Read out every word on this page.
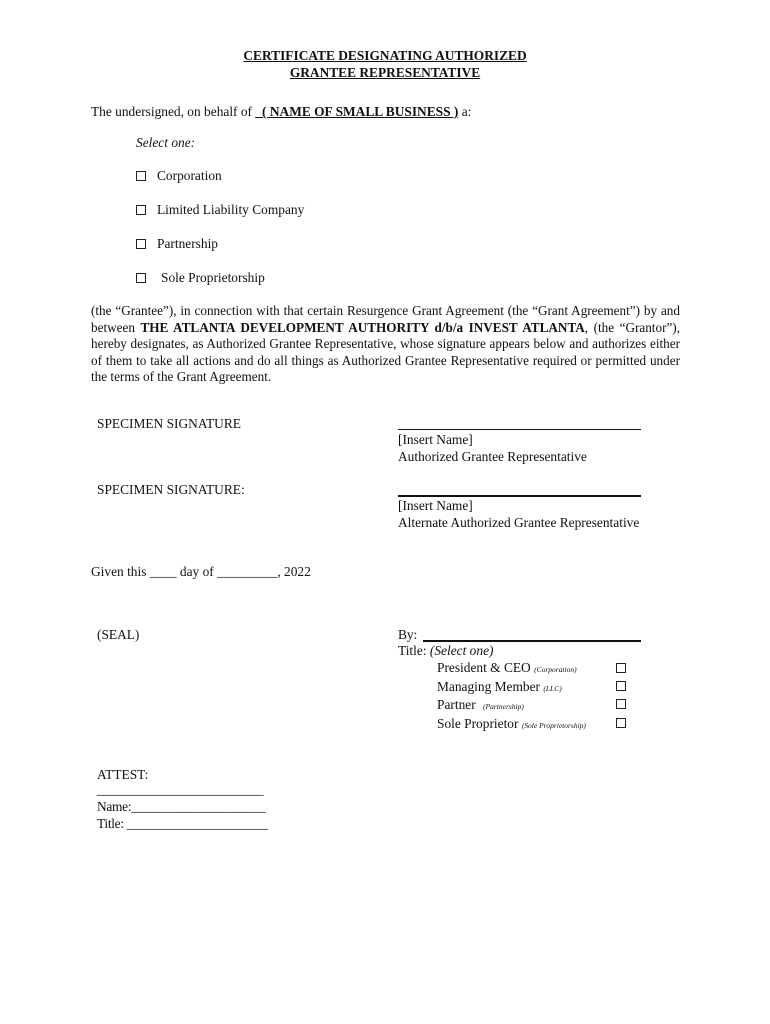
CERTIFICATE DESIGNATING AUTHORIZED
GRANTEE REPRESENTATIVE
The undersigned, on behalf of _( NAME OF SMALL BUSINESS ) a:
Select one:
Corporation
Limited Liability Company
Partnership
Sole Proprietorship
(the “Grantee”), in connection with that certain Resurgence Grant Agreement (the “Grant Agreement”) by and between THE ATLANTA DEVELOPMENT AUTHORITY d/b/a INVEST ATLANTA, (the “Grantor”), hereby designates, as Authorized Grantee Representative, whose signature appears below and authorizes either of them to take all actions and do all things as Authorized Grantee Representative required or permitted under the terms of the Grant Agreement.
SPECIMEN SIGNATURE
[Insert Name]
Authorized Grantee Representative
SPECIMEN SIGNATURE:
[Insert Name]
Alternate Authorized Grantee Representative
Given this ____ day of _________, 2022
(SEAL)	By:
Title: (Select one)
President & CEO (Corporation)
Managing Member (LLC)
Partner (Partnership)
Sole Proprietor (Sole Proprietorship)
ATTEST:
__________________________
Name:_____________________
Title: ______________________
